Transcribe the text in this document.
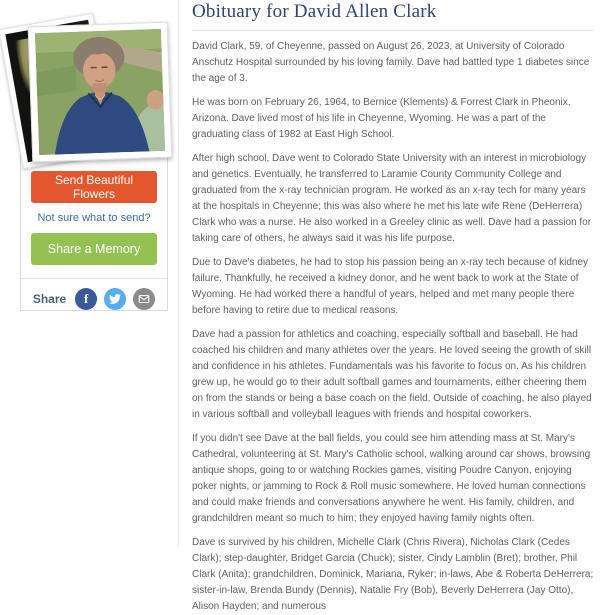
Send Beautiful Flowers
Not sure what to send?
Share a Memory
Share	f
Obituary for David Allen Clark

David Clark, 59, of Cheyenne, passed on August 26, 2023, at University of Colorado Anschutz Hospital surrounded by his loving family. Dave had battled type 1 diabetes since the age of 3.

He was born on February 26, 1964, to Bernice (Klements) & Forrest Clark in Pheonix, Arizona. Dave lived most of his life in Cheyenne, Wyoming. He was a part of the graduating class of 1982 at East High School.

After high school, Dave went to Colorado State University with an interest in microbiology and genetics. Eventually, he transferred to Laramie County Community College and graduated from the x-ray technician program. He worked as an x-ray tech for many years at the hospitals in Cheyenne; this was also where he met his late wife Rene (DeHerrera) Clark who was a nurse. He also worked in a Greeley clinic as well. Dave had a passion for taking care of others, he always said it was his life purpose.

Due to Dave's diabetes, he had to stop his passion being an x-ray tech because of kidney failure. Thankfully, he received a kidney donor, and he went back to work at the State of Wyoming. He had worked there a handful of years, helped and met many people there before having to retire due to medical reasons.

Dave had a passion for athletics and coaching, especially softball and baseball. He had coached his children and many athletes over the years. He loved seeing the growth of skill and confidence in his athletes. Fundamentals was his favorite to focus on. As his children grew up, he would go to their adult softball games and tournaments, either cheering them on from the stands or being a base coach on the field. Outside of coaching, he also played in various softball and volleyball leagues with friends and hospital coworkers.

If you didn't see Dave at the ball fields, you could see him attending mass at St. Mary's Cathedral, volunteering at St. Mary's Catholic school, walking around car shows, browsing antique shops, going to or watching Rockies games, visiting Poudre Canyon, enjoying poker nights, or jamming to Rock & Roll music somewhere. He loved human connections and could make friends and conversations anywhere he went. His family, children, and grandchildren meant so much to him; they enjoyed having family nights often.

Dave is survived by his children, Michelle Clark (Chris Rivera), Nicholas Clark (Cedes Clark); step-daughter, Bridget Garcia (Chuck); sister, Cindy Lamblin (Bret); brother, Phil Clark (Anita); grandchildren, Dominick, Mariana, Ryker; in-laws, Abe & Roberta DeHerrera; sister-in-law, Brenda Bundy (Dennis), Natalie Fry (Bob), Beverly DeHerrera (Jay Otto), Alison Hayden; and numerous
